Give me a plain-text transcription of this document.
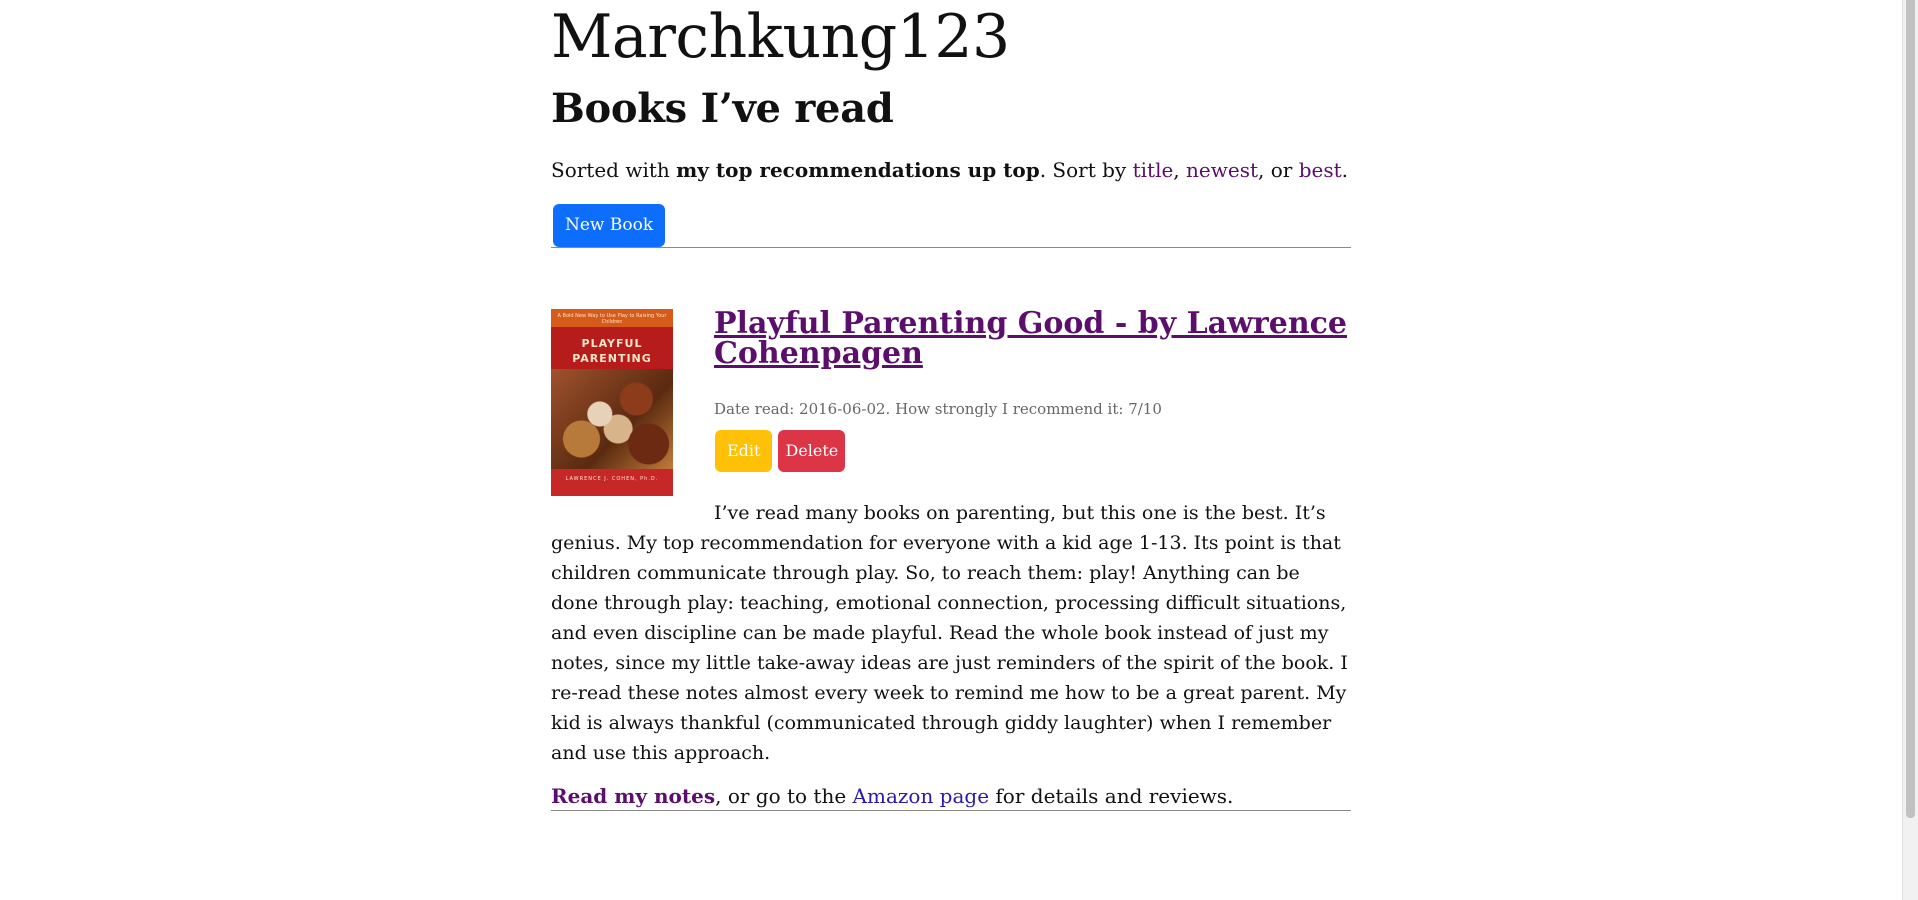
Marchkung123
Books I’ve read

Sorted with my top recommendations up top. Sort by title, newest, or best.

New Book
A Bold New Way to Use Play to Raising Your Children
PLAYFUL
PARENTING
LAWRENCE J. COHEN, Ph.D.
Playful Parenting Good - by Lawrence Cohenpagen

Date read: 2016-06-02. How strongly I recommend it: 7/10

Edit Delete

I’ve read many books on parenting, but this one is the best. It’s genius. My top recommendation for everyone with a kid age 1-13. Its point is that children communicate through play. So, to reach them: play! Anything can be done through play: teaching, emotional connection, processing difficult situations, and even discipline can be made playful. Read the whole book instead of just my notes, since my little take-away ideas are just reminders of the spirit of the book. I re-read these notes almost every week to remind me how to be a great parent. My kid is always thankful (communicated through giddy laughter) when I remember and use this approach.

Read my notes, or go to the Amazon page for details and reviews.
